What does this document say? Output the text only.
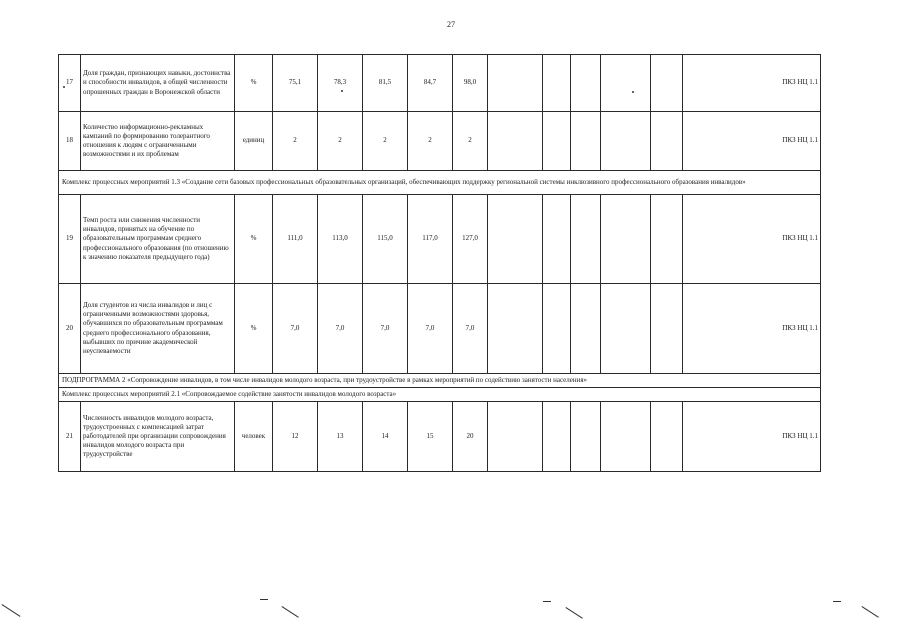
27
17	Доля граждан, признающих навыки, достоинства и способности инвалидов, в общей численности опрошенных граждан в Воронежской области	%	75,1	78,3	81,5	84,7	98,0						ПКЗ НЦ 1.1
18	Количество информационно-рекламных кампаний по формированию толерантного отношения к людям с ограниченными возможностями и их проблемам	единиц	2	2	2	2	2						ПКЗ НЦ 1.1
Комплекс процессных мероприятий 1.3 «Создание сети базовых профессиональных образовательных организаций, обеспечивающих поддержку региональной системы инклюзивного профессионального образования инвалидов»													
19	Темп роста или снижения численности инвалидов, принятых на обучение по образовательным программам среднего профессионального образования (по отношению к значению показателя предыдущего года)	%	111,0	113,0	115,0	117,0	127,0						ПКЗ НЦ 1.1
20	Доля студентов из числа инвалидов и лиц с ограниченными возможностями здоровья, обучавшихся по образовательным программам среднего профессионального образования, выбывших по причине академической неуспеваемости	%	7,0	7,0	7,0	7,0	7,0						ПКЗ НЦ 1.1
ПОДПРОГРАММА 2 «Сопровождение инвалидов, в том числе инвалидов молодого возраста, при трудоустройстве в рамках мероприятий по содействию занятости населения»													
Комплекс процессных мероприятий 2.1 «Сопровождаемое содействие занятости инвалидов молодого возраста»													
21	Численность инвалидов молодого возраста, трудоустроенных с компенсацией затрат работодателей при организации сопровождения инвалидов молодого возраста при трудоустройстве	человек	12	13	14	15	20						ПКЗ НЦ 1.1
